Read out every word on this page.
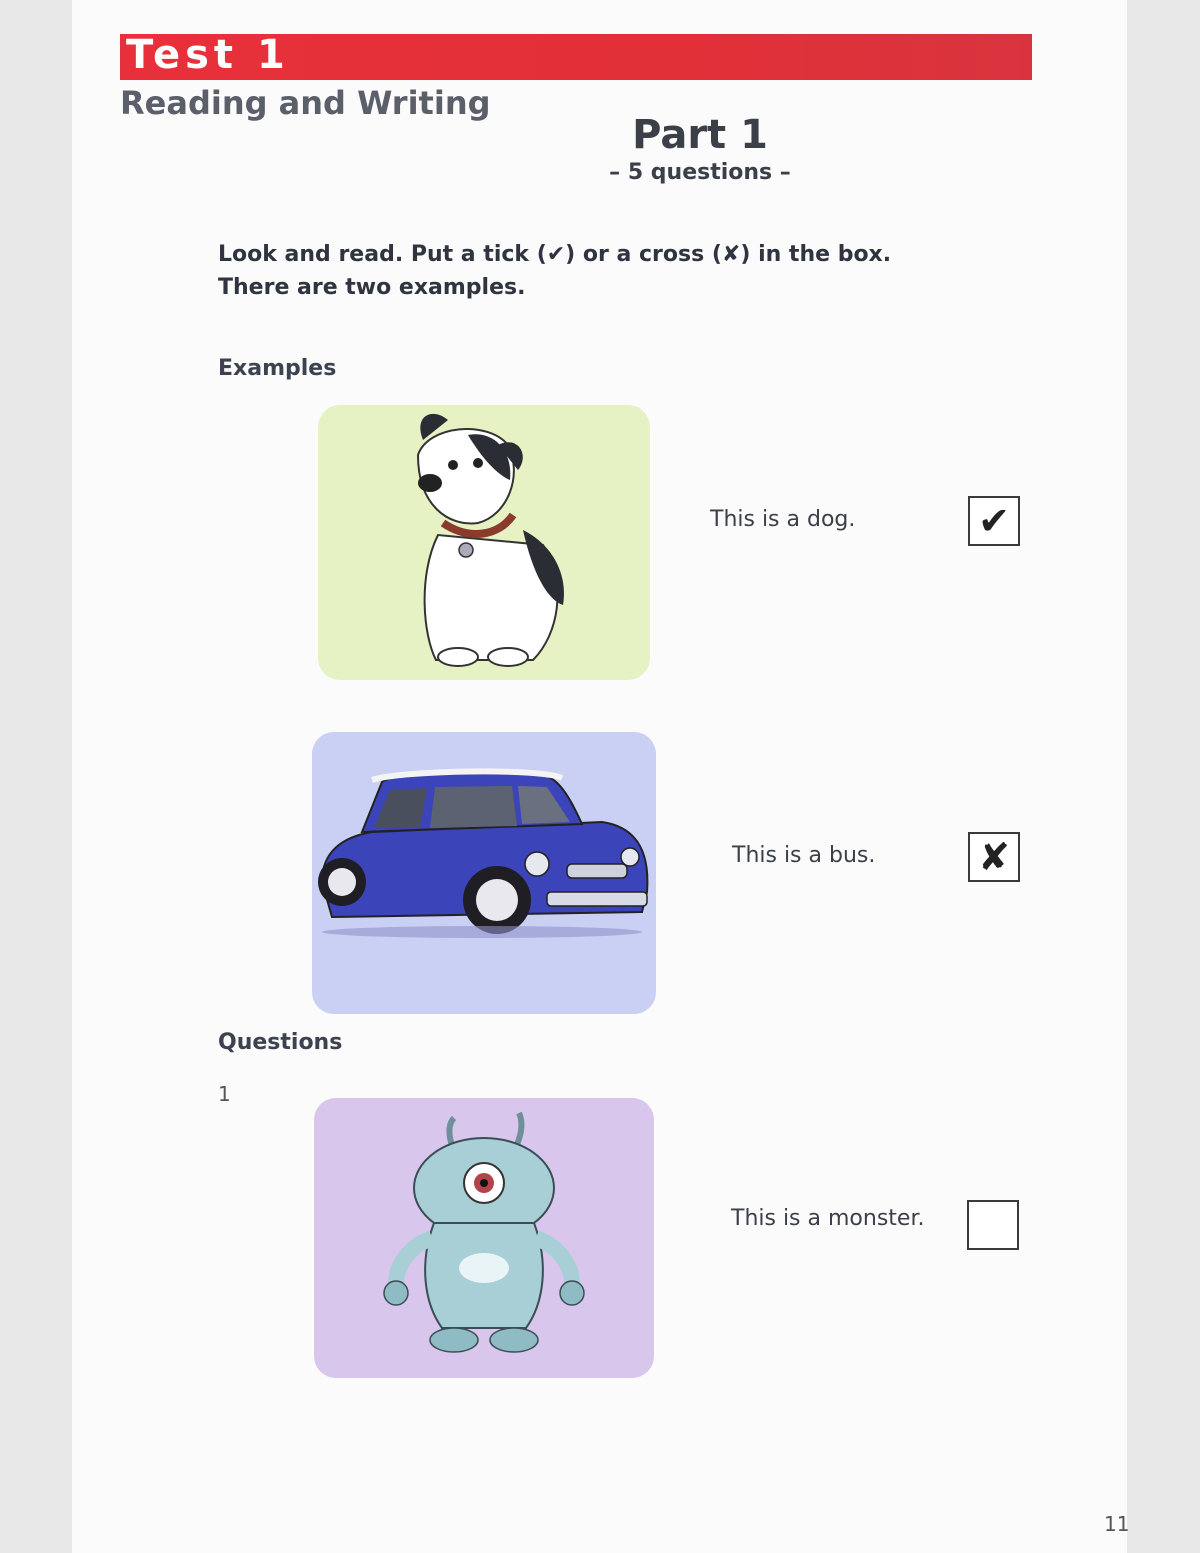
Test 1
Reading and Writing
Part 1
– 5 questions –
Look and read. Put a tick (✔) or a cross (✘) in the box.
There are two examples.
Examples
This is a dog.	✔
This is a bus.	✘
Questions
1
This is a monster.
11
